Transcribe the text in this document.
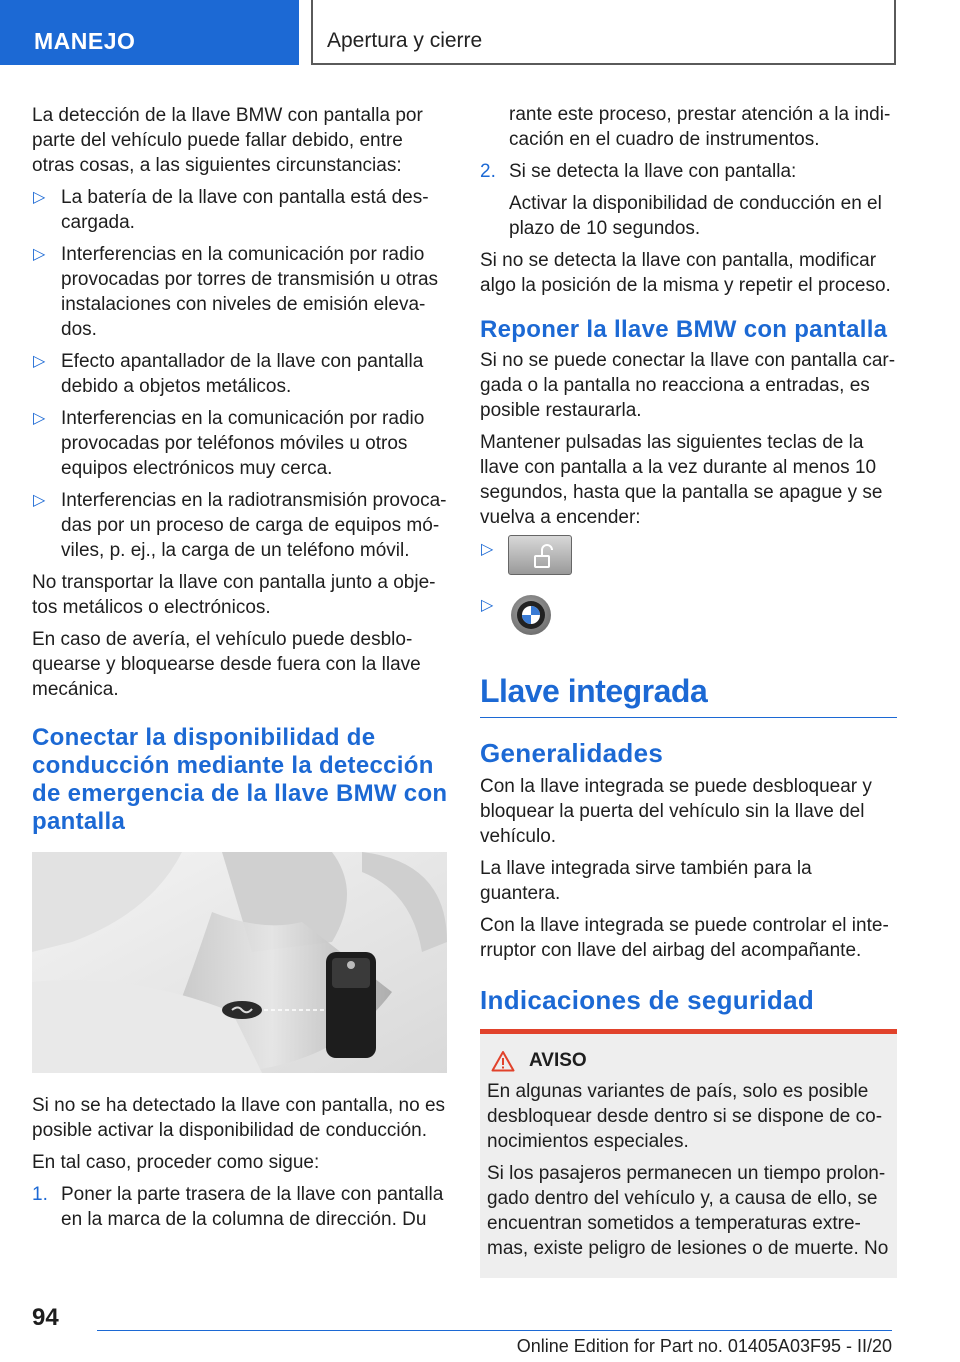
MANEJO	Apertura y cierre

La detección de la llave BMW con pantalla por parte del vehículo puede fallar debido, entre otras cosas, a las siguientes circunstancias:

▷ La batería de la llave con pantalla está descargada.
▷ Interferencias en la comunicación por radio provocadas por torres de transmisión u otras instalaciones con niveles de emisión elevados.
▷ Efecto apantallador de la llave con pantalla debido a objetos metálicos.
▷ Interferencias en la comunicación por radio provocadas por teléfonos móviles u otros equipos electrónicos muy cerca.
▷ Interferencias en la radiotransmisión provocadas por un proceso de carga de equipos móviles, p. ej., la carga de un teléfono móvil.

No transportar la llave con pantalla junto a objetos metálicos o electrónicos.

En caso de avería, el vehículo puede desbloquearse y bloquearse desde fuera con la llave mecánica.

Conectar la disponibilidad de conducción mediante la detección de emergencia de la llave BMW con pantalla

Si no se ha detectado la llave con pantalla, no es posible activar la disponibilidad de conducción.

En tal caso, proceder como sigue:

1. Poner la parte trasera de la llave con pantalla en la marca de la columna de dirección. Du

rante este proceso, prestar atención a la indicación en el cuadro de instrumentos.

2. Si se detecta la llave con pantalla:

Activar la disponibilidad de conducción en el plazo de 10 segundos.

Si no se detecta la llave con pantalla, modificar algo la posición de la misma y repetir el proceso.

Reponer la llave BMW con pantalla

Si no se puede conectar la llave con pantalla cargada o la pantalla no reacciona a entradas, es posible restaurarla.

Mantener pulsadas las siguientes teclas de la llave con pantalla a la vez durante al menos 10 segundos, hasta que la pantalla se apague y se vuelva a encender:

▷
▷
Llave integrada
Generalidades

Con la llave integrada se puede desbloquear y bloquear la puerta del vehículo sin la llave del vehículo.

La llave integrada sirve también para la guantera.

Con la llave integrada se puede controlar el interruptor con llave del airbag del acompañante.

Indicaciones de seguridad
AVISO

En algunas variantes de país, solo es posible desbloquear desde dentro si se dispone de conocimientos especiales.

Si los pasajeros permanecen un tiempo prolongado dentro del vehículo y, a causa de ello, se encuentran sometidos a temperaturas extremas, existe peligro de lesiones o de muerte. No

94
Online Edition for Part no. 01405A03F95 - II/20
